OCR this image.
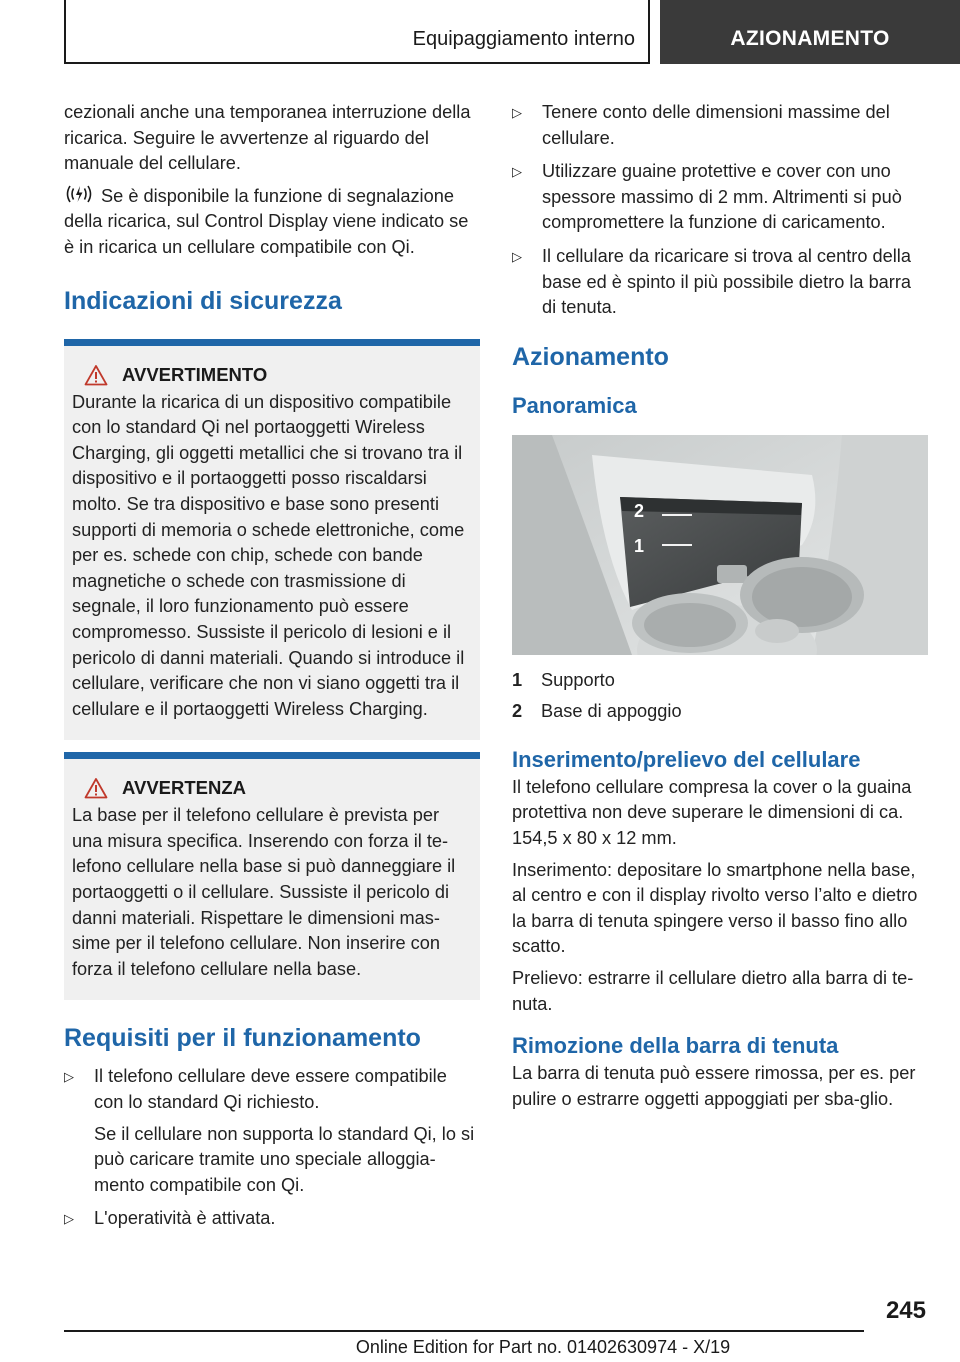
Equipaggiamento interno	AZIONAMENTO

cezionali anche una temporanea interruzione della ricarica. Seguire le avvertenze al riguardo del manuale del cellulare.

Se è disponibile la funzione di segnalazione della ricarica, sul Control Display viene indicato se è in ricarica un cellulare compatibile con Qi.

Indicazioni di sicurezza
AVVERTIMENTO
Durante la ricarica di un dispositivo compatibile con lo standard Qi nel portaoggetti Wireless Charging, gli oggetti metallici che si trovano tra il dispositivo e il portaoggetti posso riscaldarsi molto. Se tra dispositivo e base sono presenti supporti di memoria o schede elettroniche, come per es. schede con chip, schede con bande magnetiche o schede con trasmissione di segnale, il loro funzionamento può essere compromesso. Sussiste il pericolo di lesioni e il pericolo di danni materiali. Quando si introduce il cellulare, verificare che non vi siano oggetti tra il cellulare e il portaoggetti Wireless Charging.
AVVERTENZA
La base per il telefono cellulare è prevista per una misura specifica. Inserendo con forza il te-lefono cellulare nella base si può danneggiare il portaoggetti o il cellulare. Sussiste il pericolo di danni materiali. Rispettare le dimensioni mas-sime per il telefono cellulare. Non inserire con forza il telefono cellulare nella base.
Requisiti per il funzionamento
▷ Il telefono cellulare deve essere compatibile con lo standard Qi richiesto.
Se il cellulare non supporta lo standard Qi, lo si può caricare tramite uno speciale alloggia-mento compatibile con Qi.
▷ L'operatività è attivata.
▷ Tenere conto delle dimensioni massime del cellulare.
▷ Utilizzare guaine protettive e cover con uno spessore massimo di 2 mm. Altrimenti si può compromettere la funzione di caricamento.
▷ Il cellulare da ricaricare si trova al centro della base ed è spinto il più possibile dietro la barra di tenuta.
Azionamento
Panoramica
2
1
1	Supporto
2	Base di appoggio
Inserimento/prelievo del cellulare

Il telefono cellulare compresa la cover o la guaina protettiva non deve superare le dimensioni di ca. 154,5 x 80 x 12 mm.

Inserimento: depositare lo smartphone nella base, al centro e con il display rivolto verso l’alto e dietro la barra di tenuta spingere verso il basso fino allo scatto.

Prelievo: estrarre il cellulare dietro alla barra di te-nuta.

Rimozione della barra di tenuta

La barra di tenuta può essere rimossa, per es. per pulire o estrarre oggetti appoggiati per sba-glio.

245
Online Edition for Part no. 01402630974 - X/19
